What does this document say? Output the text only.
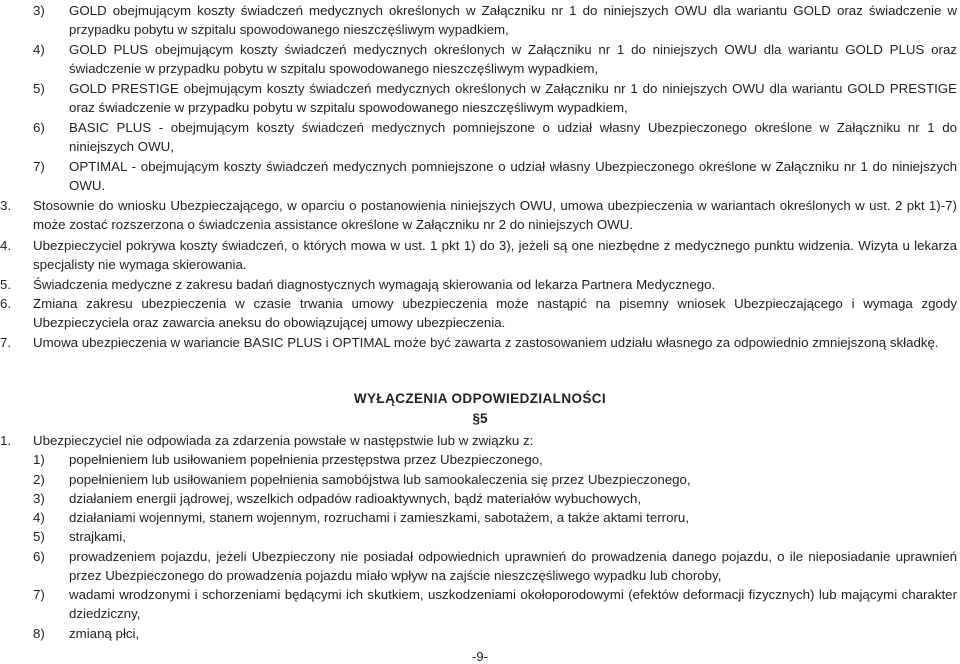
3) GOLD obejmującym koszty świadczeń medycznych określonych w Załączniku nr 1 do niniejszych OWU dla wariantu GOLD oraz świadczenie w przypadku pobytu w szpitalu spowodowanego nieszczęśliwym wypadkiem,
4) GOLD PLUS obejmującym koszty świadczeń medycznych określonych w Załączniku nr 1 do niniejszych OWU dla wariantu GOLD PLUS oraz świadczenie w przypadku pobytu w szpitalu spowodowanego nieszczęśliwym wypadkiem,
5) GOLD PRESTIGE obejmującym koszty świadczeń medycznych określonych w Załączniku nr 1 do niniejszych OWU dla wariantu GOLD PRESTIGE oraz świadczenie w przypadku pobytu w szpitalu spowodowanego nieszczęśliwym wypadkiem,
6) BASIC PLUS - obejmującym koszty świadczeń medycznych pomniejszone o udział własny Ubezpieczonego określone w Załączniku nr 1 do niniejszych OWU,
7) OPTIMAL - obejmującym koszty świadczeń medycznych pomniejszone o udział własny Ubezpieczonego określone w Załączniku nr 1 do niniejszych OWU.
3. Stosownie do wniosku Ubezpieczającego, w oparciu o postanowienia niniejszych OWU, umowa ubezpieczenia w wariantach określonych w ust. 2 pkt 1)-7) może zostać rozszerzona o świadczenia assistance określone w Załączniku nr 2 do niniejszych OWU.
4. Ubezpieczyciel pokrywa koszty świadczeń, o których mowa w ust. 1 pkt 1) do 3), jeżeli są one niezbędne z medycznego punktu widzenia. Wizyta u lekarza specjalisty nie wymaga skierowania.
5. Świadczenia medyczne z zakresu badań diagnostycznych wymagają skierowania od lekarza Partnera Medycznego.
6. Zmiana zakresu ubezpieczenia w czasie trwania umowy ubezpieczenia może nastąpić na pisemny wniosek Ubezpieczającego i wymaga zgody Ubezpieczyciela oraz zawarcia aneksu do obowiązującej umowy ubezpieczenia.
7. Umowa ubezpieczenia w wariancie BASIC PLUS i OPTIMAL może być zawarta z zastosowaniem udziału własnego za odpowiednio zmniejszoną składkę.
WYŁĄCZENIA ODPOWIEDZIALNOŚCI
§5
1. Ubezpieczyciel nie odpowiada za zdarzenia powstałe w następstwie lub w związku z:
1) popełnieniem lub usiłowaniem popełnienia przestępstwa przez Ubezpieczonego,
2) popełnieniem lub usiłowaniem popełnienia samobójstwa lub samookaleczenia się przez Ubezpieczonego,
3) działaniem energii jądrowej, wszelkich odpadów radioaktywnych, bądź materiałów wybuchowych,
4) działaniami wojennymi, stanem wojennym, rozruchami i zamieszkami, sabotażem, a także aktami terroru,
5) strajkami,
6) prowadzeniem pojazdu, jeżeli Ubezpieczony nie posiadał odpowiednich uprawnień do prowadzenia danego pojazdu, o ile nieposiadanie uprawnień przez Ubezpieczonego do prowadzenia pojazdu miało wpływ na zajście nieszczęśliwego wypadku lub choroby,
7) wadami wrodzonymi i schorzeniami będącymi ich skutkiem, uszkodzeniami okołoporodowymi (efektów deformacji fizycznych) lub mającymi charakter dziedziczny,
8) zmianą płci,
-9-
